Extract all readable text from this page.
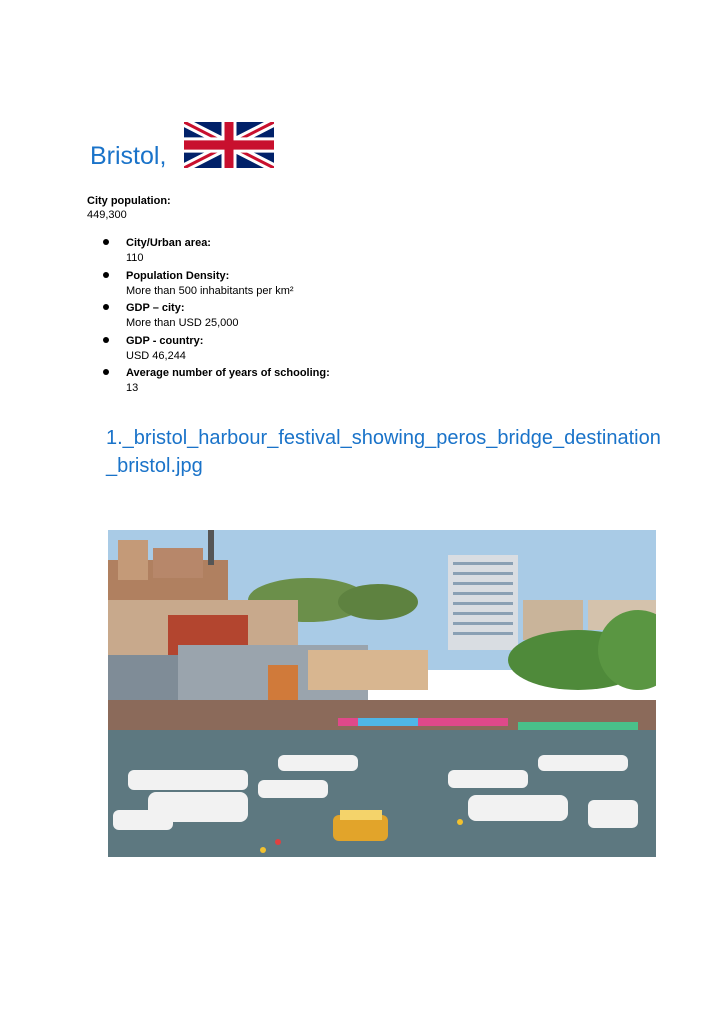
Bristol,
City population:
449,300
City/Urban area:
110
Population Density:
More than 500 inhabitants per km²
GDP – city:
More than USD 25,000
GDP - country:
USD 46,244
Average number of years of schooling:
13
1._bristol_harbour_festival_showing_peros_bridge_destination_bristol.jpg
